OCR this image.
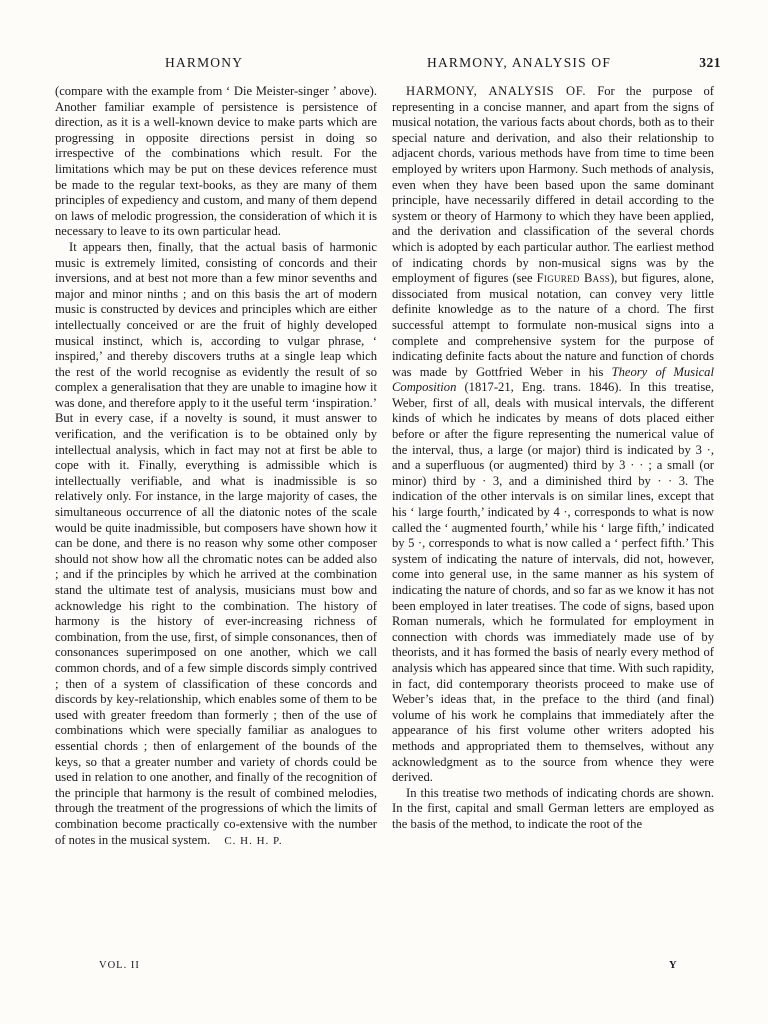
HARMONY	HARMONY, ANALYSIS OF	321

(compare with the example from ‘ Die Meister-singer ’ above). Another familiar example of persistence is persistence of direction, as it is a well-known device to make parts which are progressing in opposite directions persist in doing so irrespective of the combinations which result. For the limitations which may be put on these devices reference must be made to the regular text-books, as they are many of them principles of expediency and custom, and many of them depend on laws of melodic progression, the consideration of which it is necessary to leave to its own particular head.

It appears then, finally, that the actual basis of harmonic music is extremely limited, consisting of concords and their inversions, and at best not more than a few minor sevenths and major and minor ninths ; and on this basis the art of modern music is constructed by devices and principles which are either intellectually conceived or are the fruit of highly developed musical instinct, which is, according to vulgar phrase, ‘ inspired,’ and thereby discovers truths at a single leap which the rest of the world recognise as evidently the result of so complex a generalisation that they are unable to imagine how it was done, and therefore apply to it the useful term ‘inspiration.’ But in every case, if a novelty is sound, it must answer to verification, and the verification is to be obtained only by intellectual analysis, which in fact may not at first be able to cope with it. Finally, everything is admissible which is intellectually verifiable, and what is inadmissible is so relatively only. For instance, in the large majority of cases, the simultaneous occurrence of all the diatonic notes of the scale would be quite inadmissible, but composers have shown how it can be done, and there is no reason why some other composer should not show how all the chromatic notes can be added also ; and if the principles by which he arrived at the combination stand the ultimate test of analysis, musicians must bow and acknowledge his right to the combination. The history of harmony is the history of ever-increasing richness of combination, from the use, first, of simple consonances, then of consonances superimposed on one another, which we call common chords, and of a few simple discords simply contrived ; then of a system of classification of these concords and discords by key-relationship, which enables some of them to be used with greater freedom than formerly ; then of the use of combinations which were specially familiar as analogues to essential chords ; then of enlargement of the bounds of the keys, so that a greater number and variety of chords could be used in relation to one another, and finally of the recognition of the principle that harmony is the result of combined melodies, through the treatment of the progressions of which the limits of combination become practically co-extensive with the number of notes in the musical system. C. H. H. P.

HARMONY, ANALYSIS OF. For the purpose of representing in a concise manner, and apart from the signs of musical notation, the various facts about chords, both as to their special nature and derivation, and also their relationship to adjacent chords, various methods have from time to time been employed by writers upon Harmony. Such methods of analysis, even when they have been based upon the same dominant principle, have necessarily differed in detail according to the system or theory of Harmony to which they have been applied, and the derivation and classification of the several chords which is adopted by each particular author. The earliest method of indicating chords by non-musical signs was by the employment of figures (see Figured Bass), but figures, alone, dissociated from musical notation, can convey very little definite knowledge as to the nature of a chord. The first successful attempt to formulate non-musical signs into a complete and comprehensive system for the purpose of indicating definite facts about the nature and function of chords was made by Gottfried Weber in his Theory of Musical Composition (1817-21, Eng. trans. 1846). In this treatise, Weber, first of all, deals with musical intervals, the different kinds of which he indicates by means of dots placed either before or after the figure representing the numerical value of the interval, thus, a large (or major) third is indicated by 3 ·, and a superfluous (or augmented) third by 3 · · ; a small (or minor) third by · 3, and a diminished third by · · 3. The indication of the other intervals is on similar lines, except that his ‘ large fourth,’ indicated by 4 ·, corresponds to what is now called the ‘ augmented fourth,’ while his ‘ large fifth,’ indicated by 5 ·, corresponds to what is now called a ‘ perfect fifth.’ This system of indicating the nature of intervals, did not, however, come into general use, in the same manner as his system of indicating the nature of chords, and so far as we know it has not been employed in later treatises. The code of signs, based upon Roman numerals, which he formulated for employment in connection with chords was immediately made use of by theorists, and it has formed the basis of nearly every method of analysis which has appeared since that time. With such rapidity, in fact, did contemporary theorists proceed to make use of Weber’s ideas that, in the preface to the third (and final) volume of his work he complains that immediately after the appearance of his first volume other writers adopted his methods and appropriated them to themselves, without any acknowledgment as to the source from whence they were derived.

In this treatise two methods of indicating chords are shown. In the first, capital and small German letters are employed as the basis of the method, to indicate the root of the

VOL. II	Y
